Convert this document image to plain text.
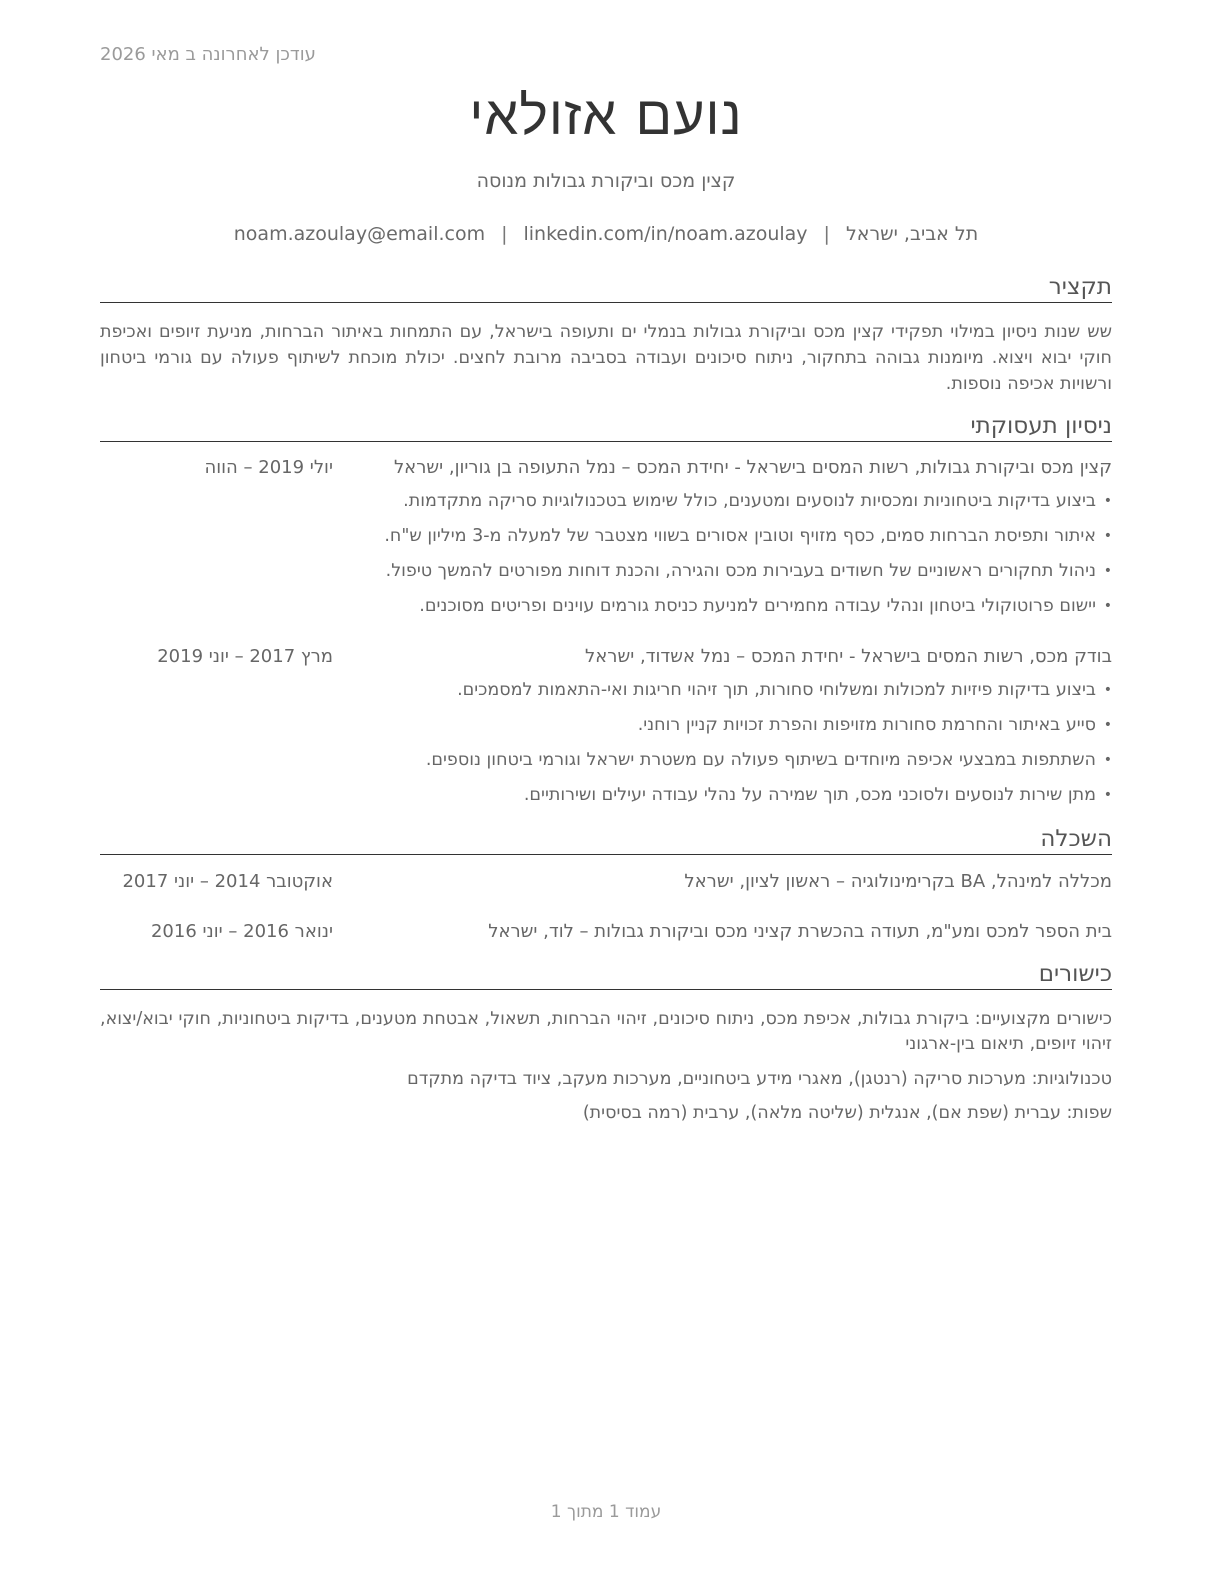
עודכן לאחרונה ב מאי 2026
נועם אזולאי
קצין מכס וביקורת גבולות מנוסה
תל אביב, ישראל|noam.azoulay@email.com | linkedin.com/in/noam.azoulay
תקציר
שש שנות ניסיון במילוי תפקידי קצין מכס וביקורת גבולות בנמלי ים ותעופה בישראל, עם התמחות באיתור הברחות, מניעת זיופים ואכיפת חוקי יבוא ויצוא. מיומנות גבוהה בתחקור, ניתוח סיכונים ועבודה בסביבה מרובת לחצים. יכולת מוכחת לשיתוף פעולה עם גורמי ביטחון ורשויות אכיפה נוספות.
ניסיון תעסוקתי
קצין מכס וביקורת גבולות, רשות המסים בישראל - יחידת המכס – נמל התעופה בן גוריון, ישראל
יולי 2019 – הווה
•
ביצוע בדיקות ביטחוניות ומכסיות לנוסעים ומטענים, כולל שימוש בטכנולוגיות סריקה מתקדמות.
•
איתור ותפיסת הברחות סמים, כסף מזויף וטובין אסורים בשווי מצטבר של למעלה מ-3 מיליון ש"ח.
•
ניהול תחקורים ראשוניים של חשודים בעבירות מכס והגירה, והכנת דוחות מפורטים להמשך טיפול.
•
יישום פרוטוקולי ביטחון ונהלי עבודה מחמירים למניעת כניסת גורמים עוינים ופריטים מסוכנים.
בודק מכס, רשות המסים בישראל - יחידת המכס – נמל אשדוד, ישראל
מרץ 2017 – יוני 2019
•
ביצוע בדיקות פיזיות למכולות ומשלוחי סחורות, תוך זיהוי חריגות ואי-התאמות למסמכים.
•
סייע באיתור והחרמת סחורות מזויפות והפרת זכויות קניין רוחני.
•
השתתפות במבצעי אכיפה מיוחדים בשיתוף פעולה עם משטרת ישראל וגורמי ביטחון נוספים.
•
מתן שירות לנוסעים ולסוכני מכס, תוך שמירה על נהלי עבודה יעילים ושירותיים.
השכלה
מכללה למינהל, BA בקרימינולוגיה – ראשון לציון, ישראל
אוקטובר 2014 – יוני 2017
בית הספר למכס ומע"מ, תעודה בהכשרת קציני מכס וביקורת גבולות – לוד, ישראל
ינואר 2016 – יוני 2016
כישורים
כישורים מקצועיים: ביקורת גבולות, אכיפת מכס, ניתוח סיכונים, זיהוי הברחות, תשאול, אבטחת מטענים, בדיקות ביטחוניות, חוקי יבוא/יצוא, זיהוי זיופים, תיאום בין-ארגוני
טכנולוגיות: מערכות סריקה (רנטגן), מאגרי מידע ביטחוניים, מערכות מעקב, ציוד בדיקה מתקדם
שפות: עברית (שפת אם), אנגלית (שליטה מלאה), ערבית (רמה בסיסית)
עמוד 1 מתוך 1
